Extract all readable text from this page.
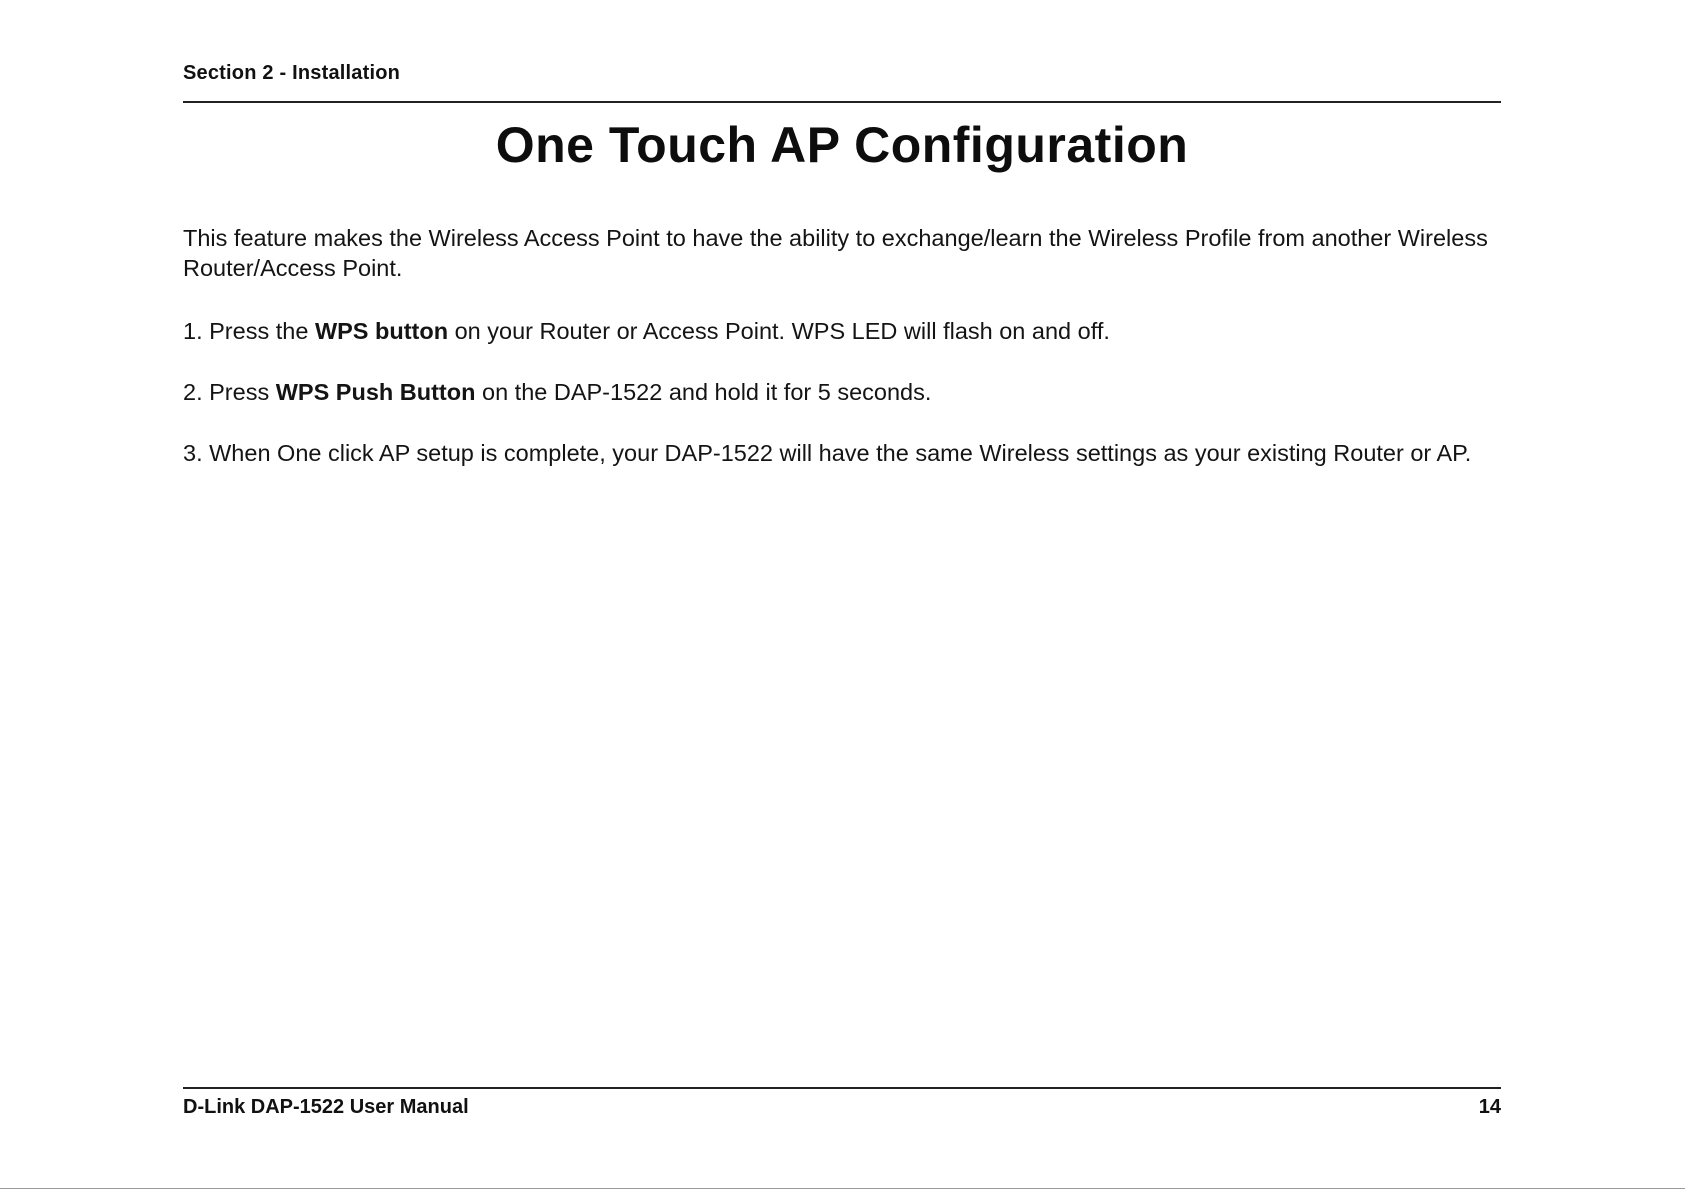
Section 2 - Installation
One Touch AP Configuration
This feature makes the Wireless Access Point to have the ability to exchange/learn the Wireless Profile from another Wireless Router/Access Point.
1. Press the WPS button on your Router or Access Point. WPS LED will flash on and off.
2. Press WPS Push Button on the DAP-1522 and hold it for 5 seconds.
3. When One click AP setup is complete, your DAP-1522 will have the same Wireless settings as your existing Router or AP.
D-Link DAP-1522 User Manual	14
